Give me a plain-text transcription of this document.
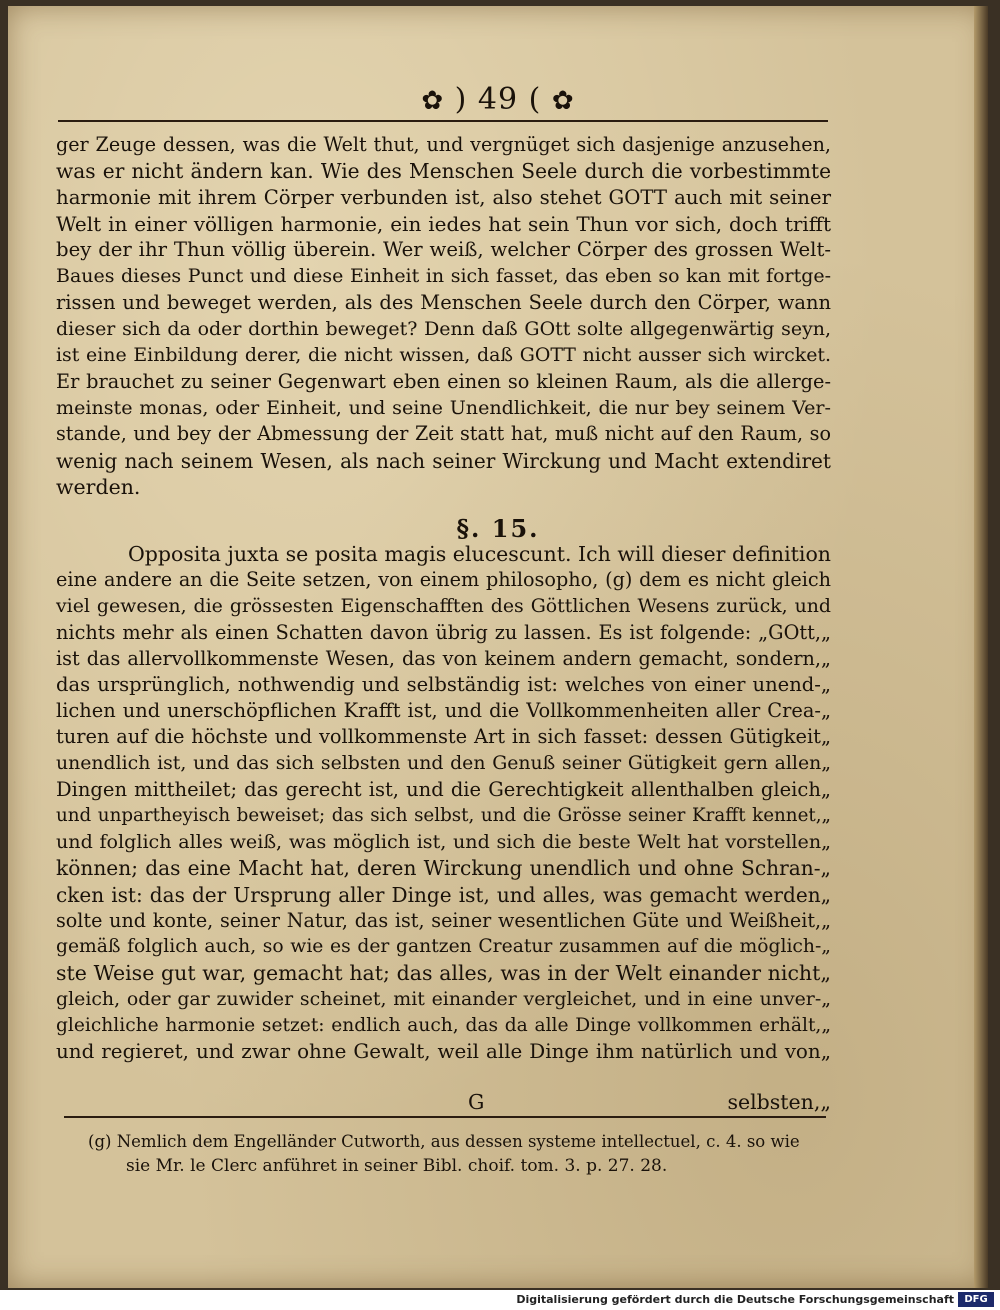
✿ ) 49 ( ✿
ger Zeuge dessen, was die Welt thut, und vergnüget sich dasjenige anzusehen,
was er nicht ändern kan. Wie des Menschen Seele durch die vorbestimmte
harmonie mit ihrem Cörper verbunden ist, also stehet GOTT auch mit seiner
Welt in einer völligen harmonie, ein iedes hat sein Thun vor sich, doch trifft
bey der ihr Thun völlig überein. Wer weiß, welcher Cörper des grossen Welt-
Baues dieses Punct und diese Einheit in sich fasset, das eben so kan mit fortge-
rissen und beweget werden, als des Menschen Seele durch den Cörper, wann
dieser sich da oder dorthin beweget? Denn daß GOtt solte allgegenwärtig seyn,
ist eine Einbildung derer, die nicht wissen, daß GOTT nicht ausser sich wircket.
Er brauchet zu seiner Gegenwart eben einen so kleinen Raum, als die allerge-
meinste monas, oder Einheit, und seine Unendlichkeit, die nur bey seinem Ver-
stande, und bey der Abmessung der Zeit statt hat, muß nicht auf den Raum, so
wenig nach seinem Wesen, als nach seiner Wirckung und Macht extendiret
werden.
§. 15.
Opposita juxta se posita magis elucescunt. Ich will dieser definition
eine andere an die Seite setzen, von einem philosopho, (g) dem es nicht gleich
viel gewesen, die grössesten Eigenschafften des Göttlichen Wesens zurück, und
nichts mehr als einen Schatten davon übrig zu lassen. Es ist folgende: „GOtt,„
ist das allervollkommenste Wesen, das von keinem andern gemacht, sondern,„
das ursprünglich, nothwendig und selbständig ist: welches von einer unend-„
lichen und unerschöpflichen Krafft ist, und die Vollkommenheiten aller Crea-„
turen auf die höchste und vollkommenste Art in sich fasset: dessen Gütigkeit„
unendlich ist, und das sich selbsten und den Genuß seiner Gütigkeit gern allen„
Dingen mittheilet; das gerecht ist, und die Gerechtigkeit allenthalben gleich„
und unpartheyisch beweiset; das sich selbst, und die Grösse seiner Krafft kennet,„
und folglich alles weiß, was möglich ist, und sich die beste Welt hat vorstellen„
können; das eine Macht hat, deren Wirckung unendlich und ohne Schran-„
cken ist: das der Ursprung aller Dinge ist, und alles, was gemacht werden„
solte und konte, seiner Natur, das ist, seiner wesentlichen Güte und Weißheit,„
gemäß folglich auch, so wie es der gantzen Creatur zusammen auf die möglich-„
ste Weise gut war, gemacht hat; das alles, was in der Welt einander nicht„
gleich, oder gar zuwider scheinet, mit einander vergleichet, und in eine unver-„
gleichliche harmonie setzet: endlich auch, das da alle Dinge vollkommen erhält,„
und regieret, und zwar ohne Gewalt, weil alle Dinge ihm natürlich und von„
G	selbsten,„
(g) Nemlich dem Engelländer Cutworth, aus dessen systeme intellectuel, c. 4. so wie
sie Mr. le Clerc anführet in seiner Bibl. choif. tom. 3. p. 27. 28.
Digitalisierung gefördert durch die Deutsche Forschungsgemeinschaft	DFG
